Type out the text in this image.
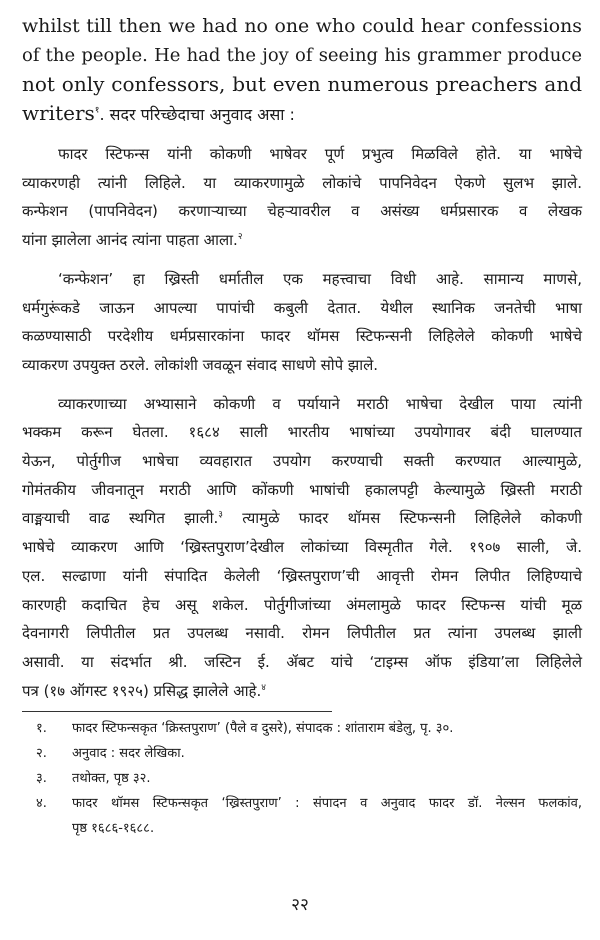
whilst till then we had no one who could hear confessions
of the people. He had the joy of seeing his grammer produce
not only confessors, but even numerous preachers and
writers$^१$. सदर परिच्छेदाचा अनुवाद असा :

फादर स्टिफन्स यांनी कोकणी भाषेवर पूर्ण प्रभुत्व मिळविले होते. या भाषेचे
व्याकरणही त्यांनी लिहिले. या व्याकरणामुळे लोकांचे पापनिवेदन ऐकणे सुलभ झाले.
कन्फेशन (पापनिवेदन) करणाऱ्याच्या चेहऱ्यावरील व असंख्य धर्मप्रसारक व लेखक
यांना झालेला आनंद त्यांना पाहता आला.$^२$

‘कन्फेशन’ हा ख्रिस्ती धर्मातील एक महत्त्वाचा विधी आहे. सामान्य माणसे,
धर्मगुरूंकडे जाऊन आपल्या पापांची कबुली देतात. येथील स्थानिक जनतेची भाषा
कळण्यासाठी परदेशीय धर्मप्रसारकांना फादर थॉमस स्टिफन्सनी लिहिलेले कोकणी भाषेचे
व्याकरण उपयुक्त ठरले. लोकांशी जवळून संवाद साधणे सोपे झाले.

व्याकरणाच्या अभ्यासाने कोकणी व पर्यायाने मराठी भाषेचा देखील पाया त्यांनी
भक्कम करून घेतला. १६८४ साली भारतीय भाषांच्या उपयोगावर बंदी घालण्यात
येऊन, पोर्तुगीज भाषेचा व्यवहारात उपयोग करण्याची सक्ती करण्यात आल्यामुळे,
गोमंतकीय जीवनातून मराठी आणि कोंकणी भाषांची हकालपट्टी केल्यामुळे ख्रिस्ती मराठी
वाङ्मयाची वाढ स्थगित झाली.$^३$ त्यामुळे फादर थॉमस स्टिफन्सनी लिहिलेले कोकणी
भाषेचे व्याकरण आणि ‘ख्रिस्तपुराण’देखील लोकांच्या विस्मृतीत गेले. १९०७ साली, जे.
एल. सल्ढाणा यांनी संपादित केलेली ‘ख्रिस्तपुराण’ची आवृत्ती रोमन लिपीत लिहिण्याचे
कारणही कदाचित हेच असू शकेल. पोर्तुगीजांच्या अंमलामुळे फादर स्टिफन्स यांची मूळ
देवनागरी लिपीतील प्रत उपलब्ध नसावी. रोमन लिपीतील प्रत त्यांना उपलब्ध झाली
असावी. या संदर्भात श्री. जस्टिन ई. ॲबट यांचे ‘टाइम्स ऑफ इंडिया’ला लिहिलेले
पत्र (१७ ऑगस्ट १९२५) प्रसिद्ध झालेले आहे.$^४$

१.	फादर स्टिफन्सकृत ‘क्रिस्तपुराण’ (पैले व दुसरे), संपादक : शांताराम बंडेलु, पृ. ३०.
२.	अनुवाद : सदर लेखिका.
३.	तथोक्त, पृष्ठ ३२.
४.	फादर थॉमस स्टिफन्सकृत ‘ख्रिस्तपुराण’ : संपादन व अनुवाद फादर डॉ. नेल्सन फलकांव,
पृष्ठ १६८६-१६८८.
२२
